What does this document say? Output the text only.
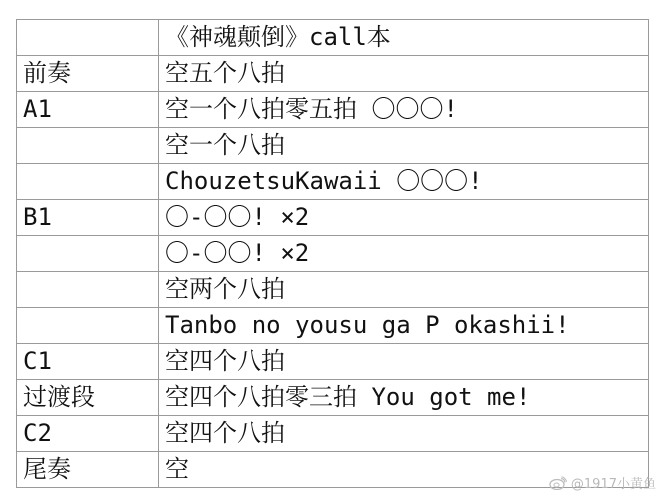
	《神魂颠倒》call本
前奏	空五个八拍
A1	空一个八拍零五拍 〇〇〇!
	空一个八拍
	ChouzetsuKawaii 〇〇〇!
B1	〇-〇〇! ×2
	〇-〇〇! ×2
	空两个八拍
	Tanbo no yousu ga P okashii!
C1	空四个八拍
过渡段	空四个八拍零三拍 You got me!
C2	空四个八拍
尾奏	空
@1917小黄鱼
